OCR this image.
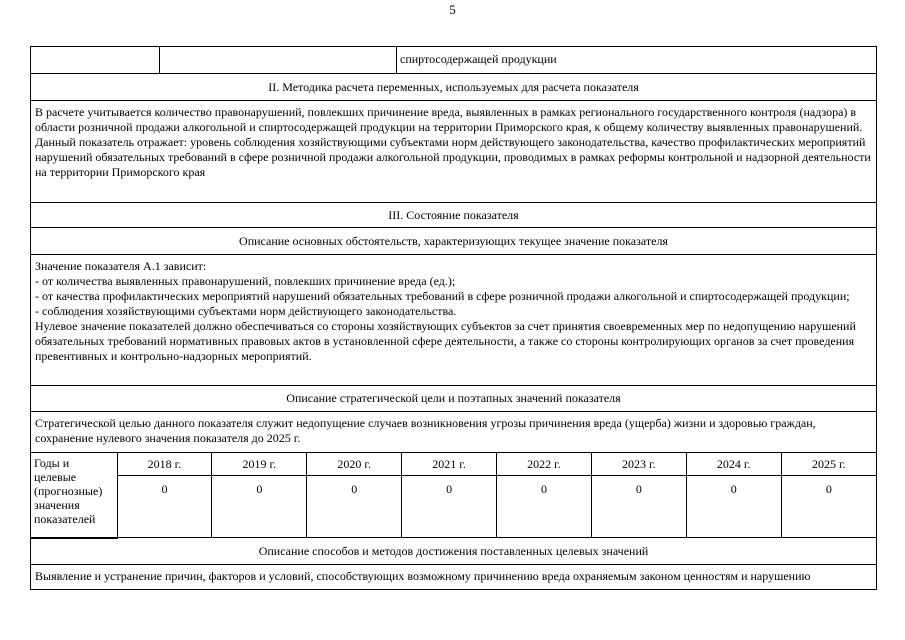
5
спиртосодержащей продукции
II. Методика расчета переменных, используемых для расчета показателя

В расчете учитывается количество правонарушений, повлекших причинение вреда, выявленных в рамках регионального государственного контроля (надзора) в области розничной продажи алкогольной и спиртосодержащей продукции на территории Приморского края, к общему количеству выявленных правонарушений.

Данный показатель отражает: уровень соблюдения хозяйствующими субъектами норм действующего законодательства, качество профилактических мероприятий нарушений обязательных требований в сфере розничной продажи алкогольной продукции, проводимых в рамках реформы контрольной и надзорной деятельности на территории Приморского края

III. Состояние показателя
Описание основных обстоятельств, характеризующих текущее значение показателя

Значение показателя А.1 зависит:

- от количества выявленных правонарушений, повлекших причинение вреда (ед.);

- от качества профилактических мероприятий нарушений обязательных требований в сфере розничной продажи алкогольной и спиртосодержащей продукции;

- соблюдения хозяйствующими субъектами норм действующего законодательства.

Нулевое значение показателей должно обеспечиваться со стороны хозяйствующих субъектов за счет принятия своевременных мер по недопущению нарушений обязательных требований нормативных правовых актов в установленной сфере деятельности, а также со стороны контролирующих органов за счет проведения превентивных и контрольно-надзорных мероприятий.

Описание стратегической цели и поэтапных значений показателя

Стратегической целью данного показателя служит недопущение случаев возникновения угрозы причинения вреда (ущерба) жизни и здоровью граждан, сохранение нулевого значения показателя до 2025 г.

Годы и целевые (прогнозные) значения показателей	2018 г.	2019 г.	2020 г.	2021 г.	2022 г.	2023 г.	2024 г.	2025 г.
	0	0	0	0	0	0	0	0
Описание способов и методов достижения поставленных целевых значений

Выявление и устранение причин, факторов и условий, способствующих возможному причинению вреда охраняемым законом ценностям и нарушению
